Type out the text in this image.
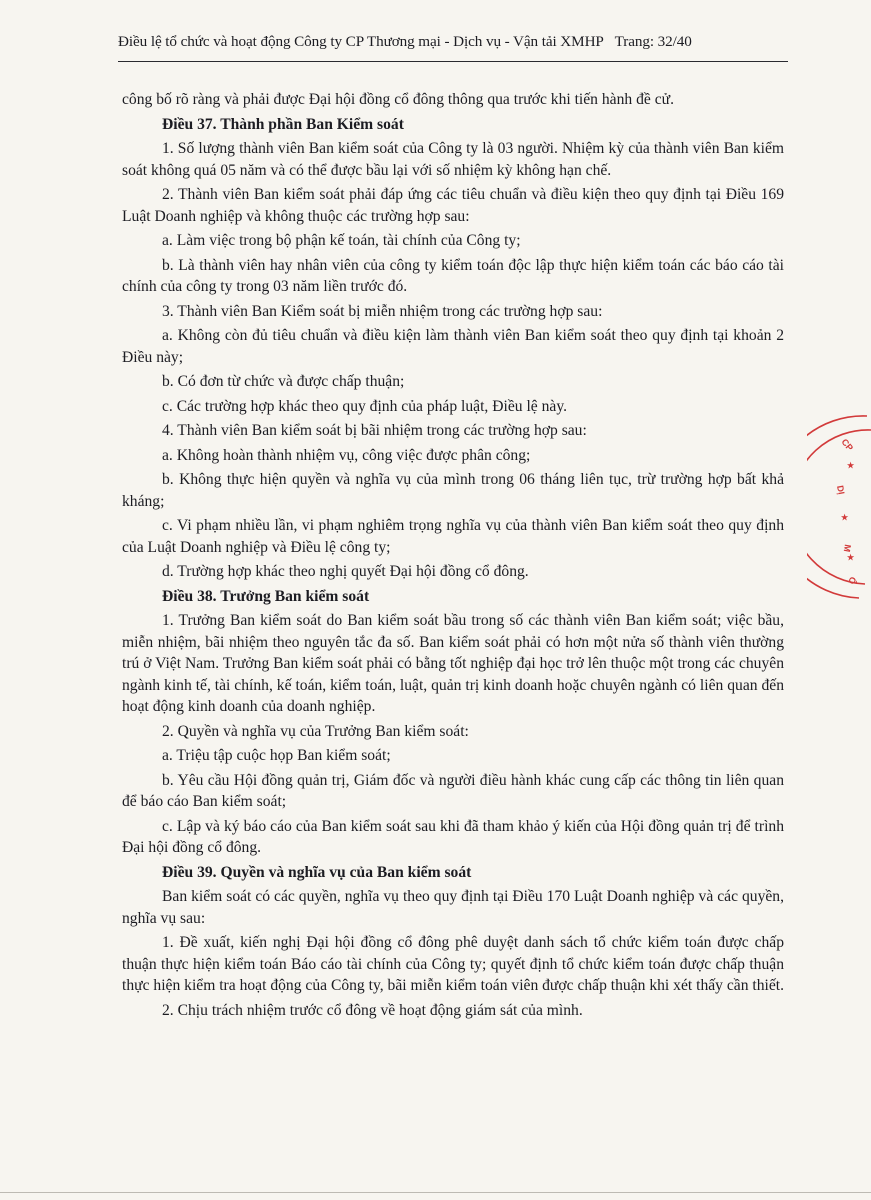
Điều lệ tổ chức và hoạt động Công ty CP Thương mại - Dịch vụ - Vận tải XMHP Trang: 32/40

công bố rõ ràng và phải được Đại hội đồng cổ đông thông qua trước khi tiến hành đề cử.

Điều 37. Thành phần Ban Kiểm soát

1. Số lượng thành viên Ban kiểm soát của Công ty là 03 người. Nhiệm kỳ của thành viên Ban kiểm soát không quá 05 năm và có thể được bầu lại với số nhiệm kỳ không hạn chế.

2. Thành viên Ban kiểm soát phải đáp ứng các tiêu chuẩn và điều kiện theo quy định tại Điều 169 Luật Doanh nghiệp và không thuộc các trường hợp sau:

a. Làm việc trong bộ phận kế toán, tài chính của Công ty;

b. Là thành viên hay nhân viên của công ty kiểm toán độc lập thực hiện kiểm toán các báo cáo tài chính của công ty trong 03 năm liền trước đó.

3. Thành viên Ban Kiểm soát bị miễn nhiệm trong các trường hợp sau:

a. Không còn đủ tiêu chuẩn và điều kiện làm thành viên Ban kiểm soát theo quy định tại khoản 2 Điều này;

b. Có đơn từ chức và được chấp thuận;

c. Các trường hợp khác theo quy định của pháp luật, Điều lệ này.

4. Thành viên Ban kiểm soát bị bãi nhiệm trong các trường hợp sau:

a. Không hoàn thành nhiệm vụ, công việc được phân công;

b. Không thực hiện quyền và nghĩa vụ của mình trong 06 tháng liên tục, trừ trường hợp bất khả kháng;

c. Vi phạm nhiều lần, vi phạm nghiêm trọng nghĩa vụ của thành viên Ban kiểm soát theo quy định của Luật Doanh nghiệp và Điều lệ công ty;

d. Trường hợp khác theo nghị quyết Đại hội đồng cổ đông.

Điều 38. Trưởng Ban kiểm soát

1. Trưởng Ban kiểm soát do Ban kiểm soát bầu trong số các thành viên Ban kiểm soát; việc bầu, miễn nhiệm, bãi nhiệm theo nguyên tắc đa số. Ban kiểm soát phải có hơn một nửa số thành viên thường trú ở Việt Nam. Trưởng Ban kiểm soát phải có bằng tốt nghiệp đại học trở lên thuộc một trong các chuyên ngành kinh tế, tài chính, kế toán, kiểm toán, luật, quản trị kinh doanh hoặc chuyên ngành có liên quan đến hoạt động kinh doanh của doanh nghiệp.

2. Quyền và nghĩa vụ của Trưởng Ban kiểm soát:

a. Triệu tập cuộc họp Ban kiểm soát;

b. Yêu cầu Hội đồng quản trị, Giám đốc và người điều hành khác cung cấp các thông tin liên quan để báo cáo Ban kiểm soát;

c. Lập và ký báo cáo của Ban kiểm soát sau khi đã tham khảo ý kiến của Hội đồng quản trị để trình Đại hội đồng cổ đông.

Điều 39. Quyền và nghĩa vụ của Ban kiểm soát

Ban kiểm soát có các quyền, nghĩa vụ theo quy định tại Điều 170 Luật Doanh nghiệp và các quyền, nghĩa vụ sau:

1. Đề xuất, kiến nghị Đại hội đồng cổ đông phê duyệt danh sách tổ chức kiểm toán được chấp thuận thực hiện kiểm toán Báo cáo tài chính của Công ty; quyết định tổ chức kiểm toán được chấp thuận thực hiện kiểm tra hoạt động của Công ty, bãi miễn kiểm toán viên được chấp thuận khi xét thấy cần thiết.

2. Chịu trách nhiệm trước cổ đông về hoạt động giám sát của mình.

CP
★
DỊ
★
M
★
Ô
